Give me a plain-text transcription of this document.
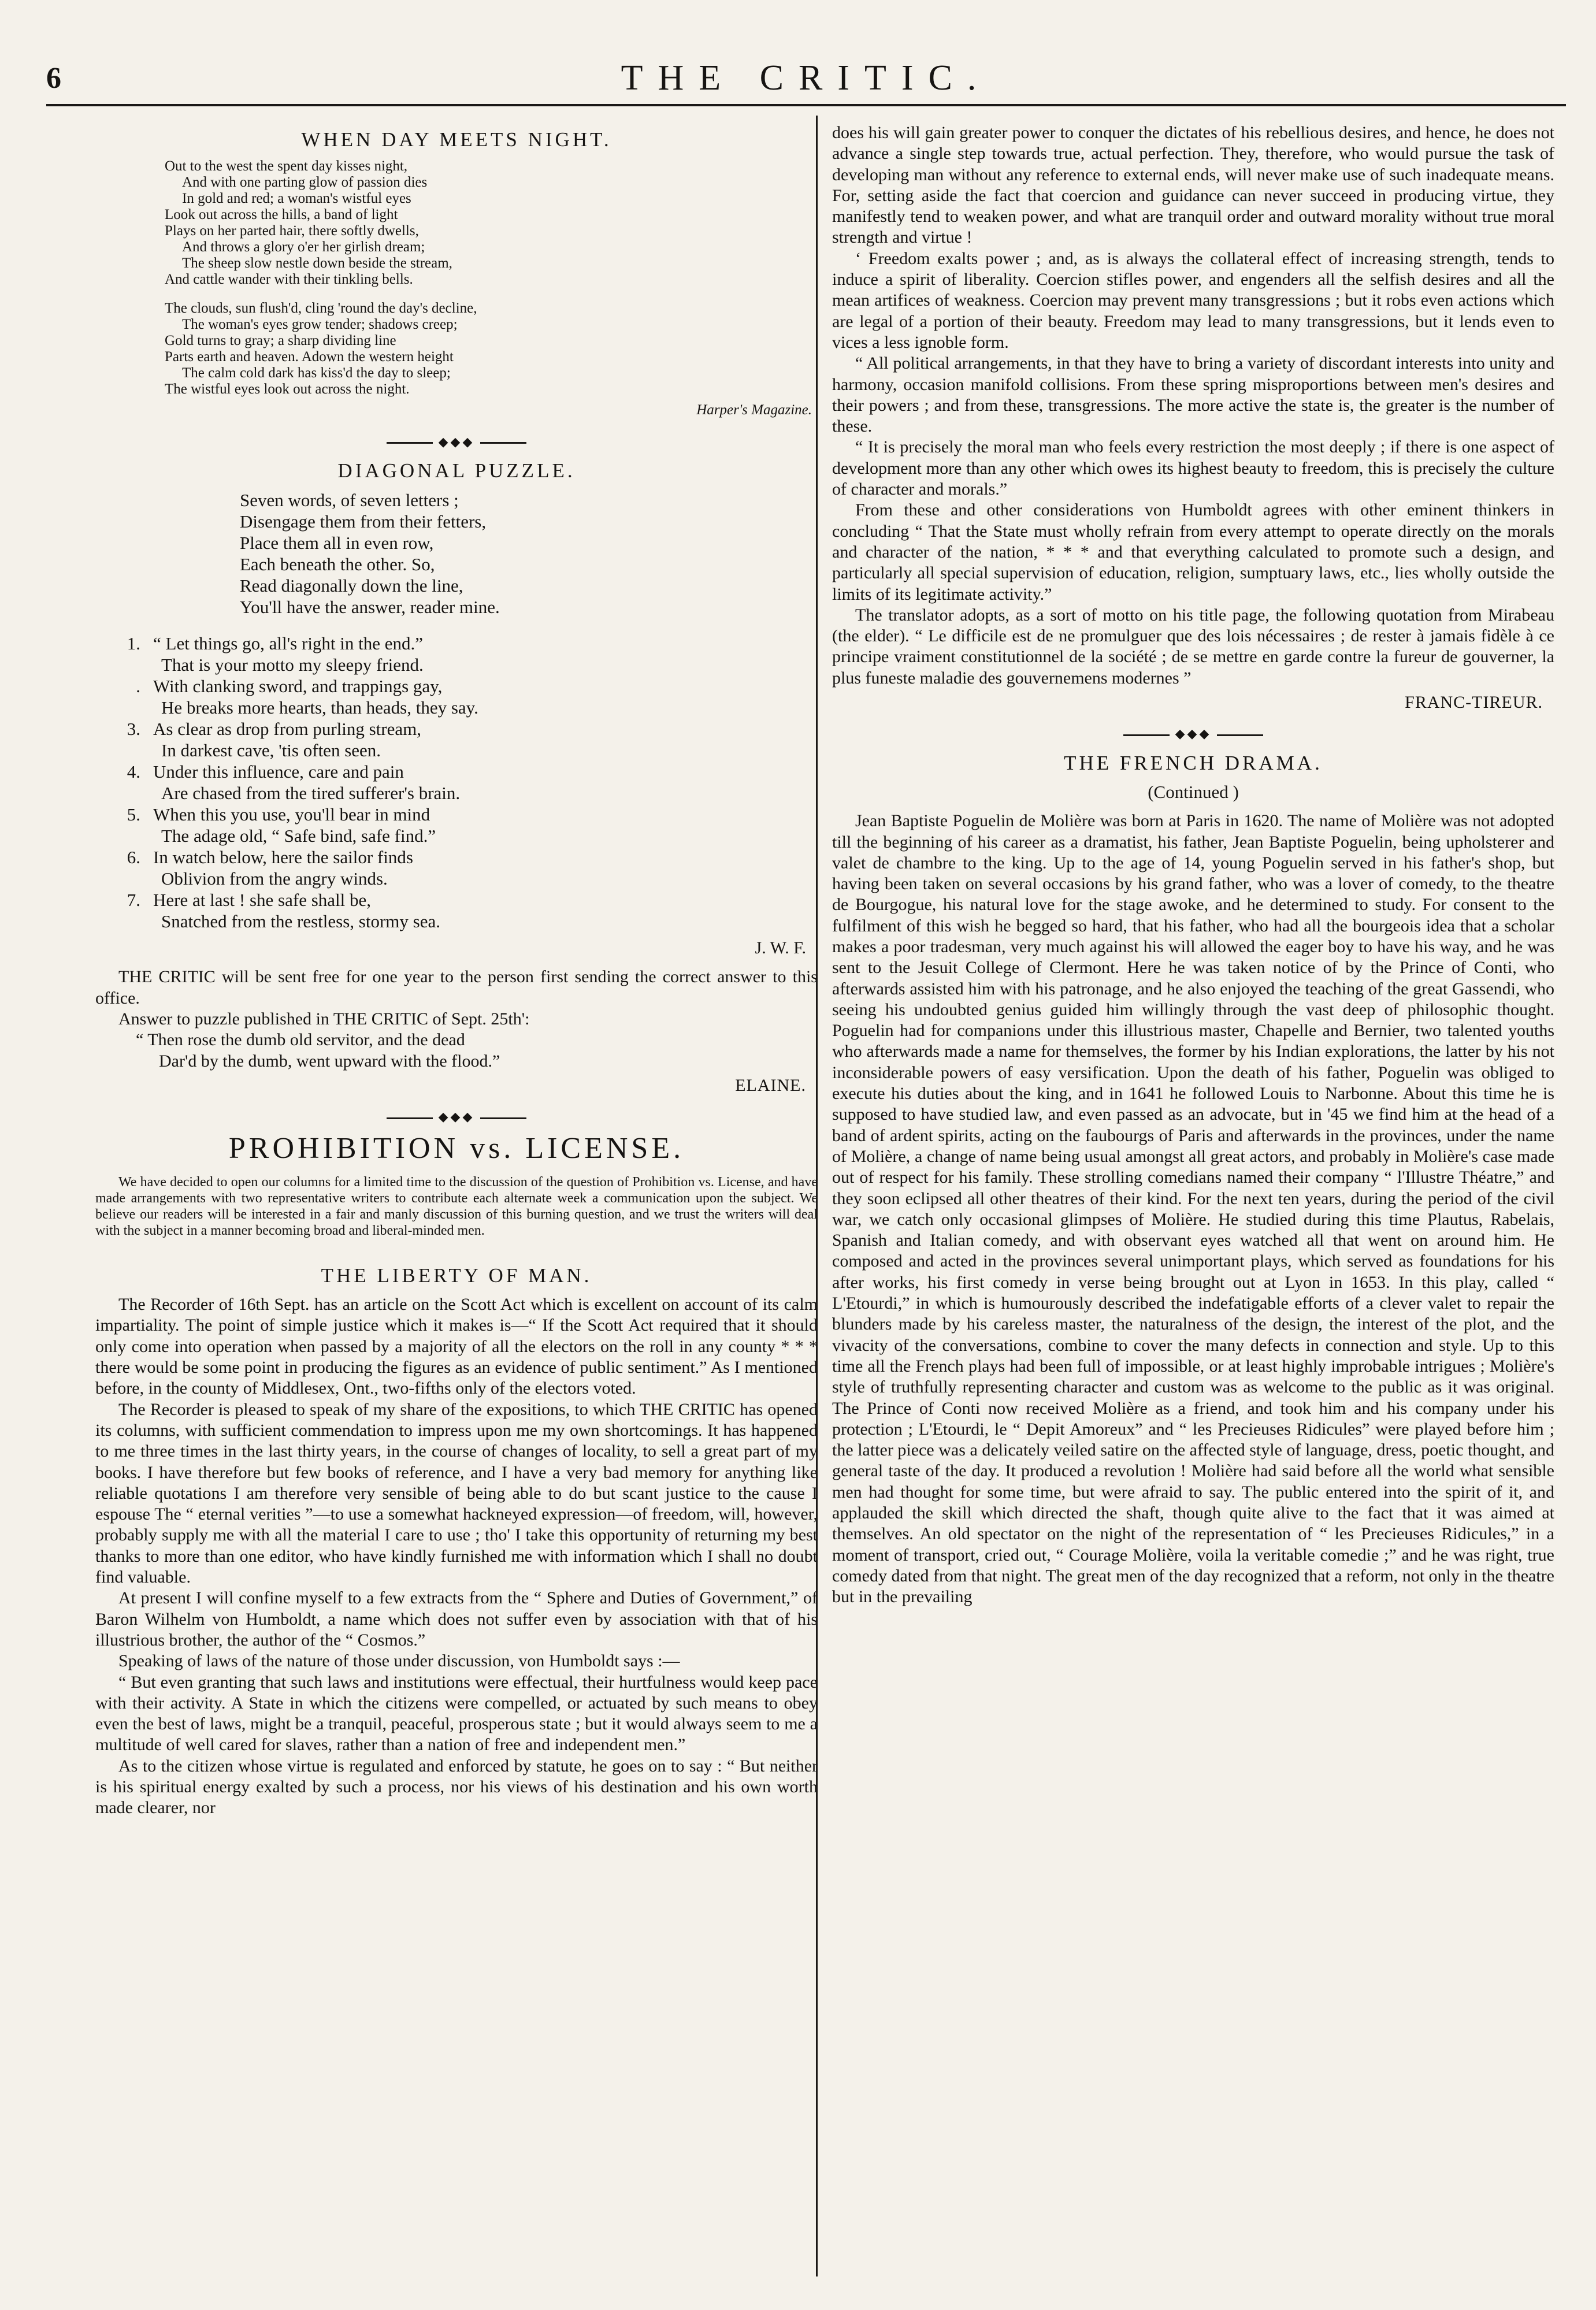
6	THE CRITIC.
WHEN DAY MEETS NIGHT.
Out to the west the spent day kisses night,
And with one parting glow of passion dies
In gold and red; a woman's wistful eyes
Look out across the hills, a band of light
Plays on her parted hair, there softly dwells,
And throws a glory o'er her girlish dream;
The sheep slow nestle down beside the stream,
And cattle wander with their tinkling bells.
The clouds, sun flush'd, cling 'round the day's decline,
The woman's eyes grow tender; shadows creep;
Gold turns to gray; a sharp dividing line
Parts earth and heaven. Adown the western height
The calm cold dark has kiss'd the day to sleep;
The wistful eyes look out across the night.
Harper's Magazine.
◆◆◆
DIAGONAL PUZZLE.
Seven words, of seven letters ;
Disengage them from their fetters,
Place them all in even row,
Each beneath the other. So,
Read diagonally down the line,
You'll have the answer, reader mine.
1. “ Let things go, all's right in the end.”
That is your motto my sleepy friend.
. With clanking sword, and trappings gay,
He breaks more hearts, than heads, they say.
3. As clear as drop from purling stream,
In darkest cave, 'tis often seen.
4. Under this influence, care and pain
Are chased from the tired sufferer's brain.
5. When this you use, you'll bear in mind
The adage old, “ Safe bind, safe find.”
6. In watch below, here the sailor finds
Oblivion from the angry winds.
7. Here at last ! she safe shall be,
Snatched from the restless, stormy sea.
J. W. F.

THE CRITIC will be sent free for one year to the person first sending the correct answer to this office.

Answer to puzzle published in THE CRITIC of Sept. 25th':

“ Then rose the dumb old servitor, and the dead

Dar'd by the dumb, went upward with the flood.”

ELAINE.
◆◆◆
PROHIBITION vs. LICENSE.

We have decided to open our columns for a limited time to the discussion of the question of Prohibition vs. License, and have made arrangements with two representative writers to contribute each alternate week a communication upon the subject. We believe our readers will be interested in a fair and manly discussion of this burning question, and we trust the writers will deal with the subject in a manner becoming broad and liberal-minded men.

THE LIBERTY OF MAN.

The Recorder of 16th Sept. has an article on the Scott Act which is excellent on account of its calm impartiality. The point of simple justice which it makes is—“ If the Scott Act required that it should only come into operation when passed by a majority of all the electors on the roll in any county * * * there would be some point in producing the figures as an evidence of public sentiment.” As I mentioned before, in the county of Middlesex, Ont., two-fifths only of the electors voted.

The Recorder is pleased to speak of my share of the expositions, to which THE CRITIC has opened its columns, with sufficient commendation to impress upon me my own shortcomings. It has happened to me three times in the last thirty years, in the course of changes of locality, to sell a great part of my books. I have therefore but few books of reference, and I have a very bad memory for anything like reliable quotations I am therefore very sensible of being able to do but scant justice to the cause I espouse The “ eternal verities ”—to use a somewhat hackneyed expression—of freedom, will, however, probably supply me with all the material I care to use ; tho' I take this opportunity of returning my best thanks to more than one editor, who have kindly furnished me with information which I shall no doubt find valuable.

At present I will confine myself to a few extracts from the “ Sphere and Duties of Government,” of Baron Wilhelm von Humboldt, a name which does not suffer even by association with that of his illustrious brother, the author of the “ Cosmos.”

Speaking of laws of the nature of those under discussion, von Humboldt says :—

“ But even granting that such laws and institutions were effectual, their hurtfulness would keep pace with their activity. A State in which the citizens were compelled, or actuated by such means to obey even the best of laws, might be a tranquil, peaceful, prosperous state ; but it would always seem to me a multitude of well cared for slaves, rather than a nation of free and independent men.”

As to the citizen whose virtue is regulated and enforced by statute, he goes on to say : “ But neither is his spiritual energy exalted by such a process, nor his views of his destination and his own worth made clearer, nor

does his will gain greater power to conquer the dictates of his rebellious desires, and hence, he does not advance a single step towards true, actual perfection. They, therefore, who would pursue the task of developing man without any reference to external ends, will never make use of such inadequate means. For, setting aside the fact that coercion and guidance can never succeed in producing virtue, they manifestly tend to weaken power, and what are tranquil order and outward morality without true moral strength and virtue !

‘ Freedom exalts power ; and, as is always the collateral effect of increasing strength, tends to induce a spirit of liberality. Coercion stifles power, and engenders all the selfish desires and all the mean artifices of weakness. Coercion may prevent many transgressions ; but it robs even actions which are legal of a portion of their beauty. Freedom may lead to many transgressions, but it lends even to vices a less ignoble form.

“ All political arrangements, in that they have to bring a variety of discordant interests into unity and harmony, occasion manifold collisions. From these spring misproportions between men's desires and their powers ; and from these, transgressions. The more active the state is, the greater is the number of these.

“ It is precisely the moral man who feels every restriction the most deeply ; if there is one aspect of development more than any other which owes its highest beauty to freedom, this is precisely the culture of character and morals.”

From these and other considerations von Humboldt agrees with other eminent thinkers in concluding “ That the State must wholly refrain from every attempt to operate directly on the morals and character of the nation, * * * and that everything calculated to promote such a design, and particularly all special supervision of education, religion, sumptuary laws, etc., lies wholly outside the limits of its legitimate activity.”

The translator adopts, as a sort of motto on his title page, the following quotation from Mirabeau (the elder). “ Le difficile est de ne promulguer que des lois nécessaires ; de rester à jamais fidèle à ce principe vraiment constitutionnel de la société ; de se mettre en garde contre la fureur de gouverner, la plus funeste maladie des gouvernemens modernes ”

FRANC-TIREUR.
◆◆◆
THE FRENCH DRAMA.
(Continued )

Jean Baptiste Poguelin de Molière was born at Paris in 1620. The name of Molière was not adopted till the beginning of his career as a dramatist, his father, Jean Baptiste Poguelin, being upholsterer and valet de chambre to the king. Up to the age of 14, young Poguelin served in his father's shop, but having been taken on several occasions by his grand father, who was a lover of comedy, to the theatre de Bourgogue, his natural love for the stage awoke, and he determined to study. For consent to the fulfilment of this wish he begged so hard, that his father, who had all the bourgeois idea that a scholar makes a poor tradesman, very much against his will allowed the eager boy to have his way, and he was sent to the Jesuit College of Clermont. Here he was taken notice of by the Prince of Conti, who afterwards assisted him with his patronage, and he also enjoyed the teaching of the great Gassendi, who seeing his undoubted genius guided him willingly through the vast deep of philosophic thought. Poguelin had for companions under this illustrious master, Chapelle and Bernier, two talented youths who afterwards made a name for themselves, the former by his Indian explorations, the latter by his not inconsiderable powers of easy versification. Upon the death of his father, Poguelin was obliged to execute his duties about the king, and in 1641 he followed Louis to Narbonne. About this time he is supposed to have studied law, and even passed as an advocate, but in '45 we find him at the head of a band of ardent spirits, acting on the faubourgs of Paris and afterwards in the provinces, under the name of Molière, a change of name being usual amongst all great actors, and probably in Molière's case made out of respect for his family. These strolling comedians named their company “ l'Illustre Théatre,” and they soon eclipsed all other theatres of their kind. For the next ten years, during the period of the civil war, we catch only occasional glimpses of Molière. He studied during this time Plautus, Rabelais, Spanish and Italian comedy, and with observant eyes watched all that went on around him. He composed and acted in the provinces several unimportant plays, which served as foundations for his after works, his first comedy in verse being brought out at Lyon in 1653. In this play, called “ L'Etourdi,” in which is humourously described the indefatigable efforts of a clever valet to repair the blunders made by his careless master, the naturalness of the design, the interest of the plot, and the vivacity of the conversations, combine to cover the many defects in connection and style. Up to this time all the French plays had been full of impossible, or at least highly improbable intrigues ; Molière's style of truthfully representing character and custom was as welcome to the public as it was original. The Prince of Conti now received Molière as a friend, and took him and his company under his protection ; L'Etourdi, le “ Depit Amoreux” and “ les Precieuses Ridicules” were played before him ; the latter piece was a delicately veiled satire on the affected style of language, dress, poetic thought, and general taste of the day. It produced a revolution ! Molière had said before all the world what sensible men had thought for some time, but were afraid to say. The public entered into the spirit of it, and applauded the skill which directed the shaft, though quite alive to the fact that it was aimed at themselves. An old spectator on the night of the representation of “ les Precieuses Ridicules,” in a moment of transport, cried out, “ Courage Molière, voila la veritable comedie ;” and he was right, true comedy dated from that night. The great men of the day recognized that a reform, not only in the theatre but in the prevailing
